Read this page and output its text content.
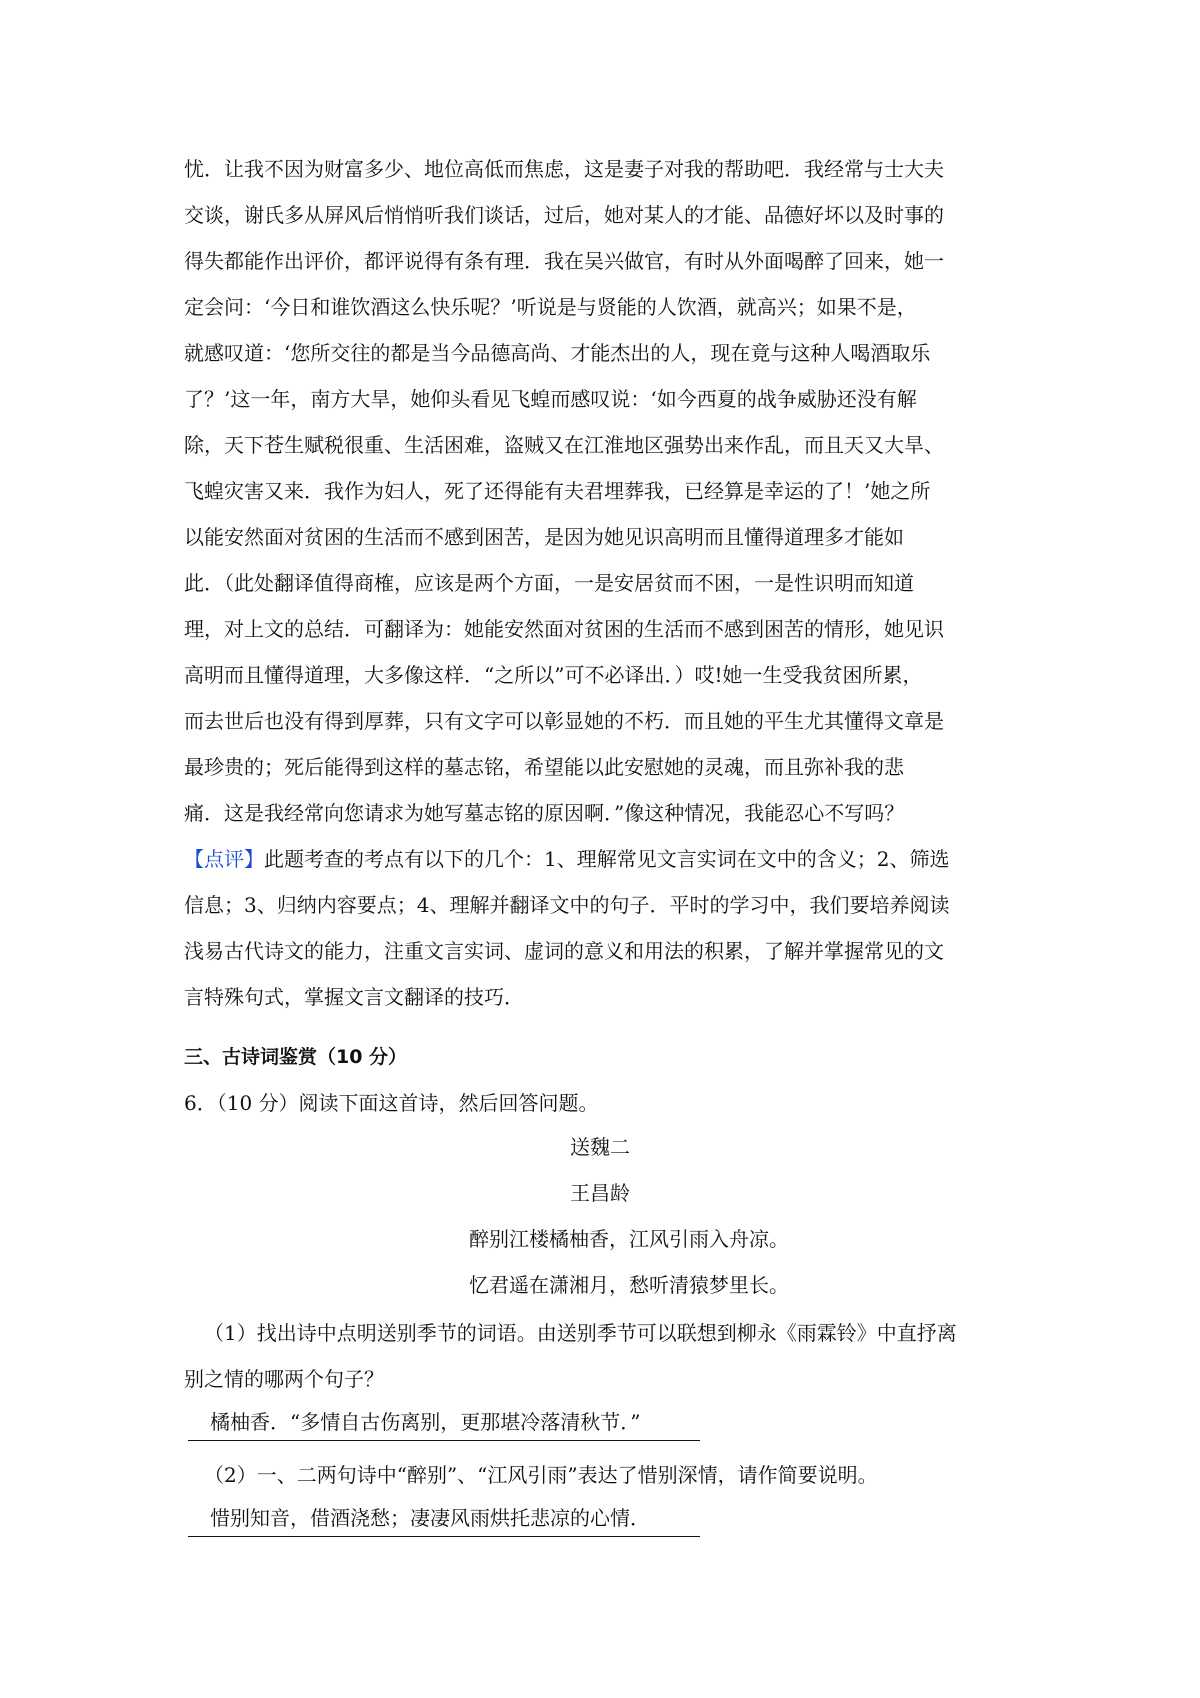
忧．让我不因为财富多少、地位高低而焦虑，这是妻子对我的帮助吧．我经常与士大夫
交谈，谢氏多从屏风后悄悄听我们谈话，过后，她对某人的才能、品德好坏以及时事的
得失都能作出评价，都评说得有条有理．我在吴兴做官，有时从外面喝醉了回来，她一
定会问：‘今日和谁饮酒这么快乐呢？’听说是与贤能的人饮酒，就高兴；如果不是，
就感叹道：‘您所交往的都是当今品德高尚、才能杰出的人，现在竟与这种人喝酒取乐
了？’这一年，南方大旱，她仰头看见飞蝗而感叹说：‘如今西夏的战争威胁还没有解
除，天下苍生赋税很重、生活困难，盗贼又在江淮地区强势出来作乱，而且天又大旱、
飞蝗灾害又来．我作为妇人，死了还得能有夫君埋葬我，已经算是幸运的了！’她之所
以能安然面对贫困的生活而不感到困苦，是因为她见识高明而且懂得道理多才能如
此．（此处翻译值得商榷，应该是两个方面，一是安居贫而不困，一是性识明而知道
理，对上文的总结．可翻译为：她能安然面对贫困的生活而不感到困苦的情形，她见识
高明而且懂得道理，大多像这样．“之所以”可不必译出．）哎!她一生受我贫困所累，
而去世后也没有得到厚葬，只有文字可以彰显她的不朽．而且她的平生尤其懂得文章是
最珍贵的；死后能得到这样的墓志铭，希望能以此安慰她的灵魂，而且弥补我的悲
痛．这是我经常向您请求为她写墓志铭的原因啊．”像这种情况，我能忍心不写吗？
【点评】此题考查的考点有以下的几个：1、理解常见文言实词在文中的含义；2、筛选
信息；3、归纳内容要点；4、理解并翻译文中的句子．平时的学习中，我们要培养阅读
浅易古代诗文的能力，注重文言实词、虚词的意义和用法的积累，了解并掌握常见的文
言特殊句式，掌握文言文翻译的技巧．
三、古诗词鉴赏（10 分）
6．（10 分）阅读下面这首诗，然后回答问题。
送魏二
王昌龄
醉别江楼橘柚香，江风引雨入舟凉。
忆君遥在潇湘月，愁听清猿梦里长。
（1）找出诗中点明送别季节的词语。由送别季节可以联想到柳永《雨霖铃》中直抒离
别之情的哪两个句子？
橘柚香．“多情自古伤离别，更那堪冷落清秋节．”
（2）一、二两句诗中“醉别”、“江风引雨”表达了惜别深情，请作简要说明。
惜别知音，借酒浇愁；凄凄风雨烘托悲凉的心情．
